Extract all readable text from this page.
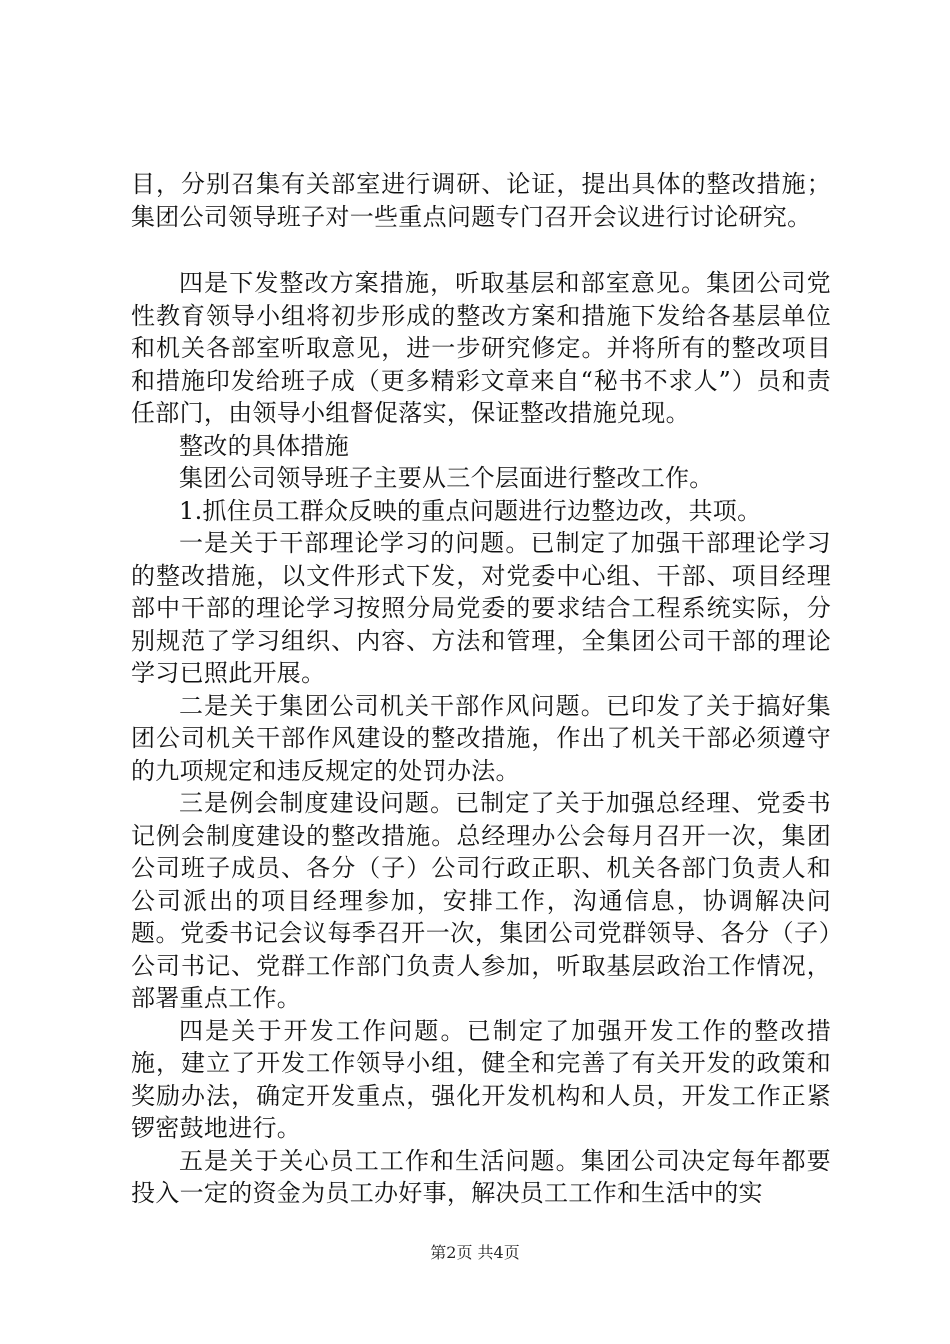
目，分别召集有关部室进行调研、论证，提出具体的整改措施；集团公司领导班子对一些重点问题专门召开会议进行讨论研究。

四是下发整改方案措施，听取基层和部室意见。集团公司党性教育领导小组将初步形成的整改方案和措施下发给各基层单位和机关各部室听取意见，进一步研究修定。并将所有的整改项目和措施印发给班子成（更多精彩文章来自“秘书不求人”）员和责任部门，由领导小组督促落实，保证整改措施兑现。

整改的具体措施

集团公司领导班子主要从三个层面进行整改工作。

1.抓住员工群众反映的重点问题进行边整边改，共项。

一是关于干部理论学习的问题。已制定了加强干部理论学习的整改措施，以文件形式下发，对党委中心组、干部、项目经理部中干部的理论学习按照分局党委的要求结合工程系统实际，分别规范了学习组织、内容、方法和管理，全集团公司干部的理论学习已照此开展。

二是关于集团公司机关干部作风问题。已印发了关于搞好集团公司机关干部作风建设的整改措施，作出了机关干部必须遵守的九项规定和违反规定的处罚办法。

三是例会制度建设问题。已制定了关于加强总经理、党委书记例会制度建设的整改措施。总经理办公会每月召开一次，集团公司班子成员、各分（子）公司行政正职、机关各部门负责人和公司派出的项目经理参加，安排工作，沟通信息，协调解决问题。党委书记会议每季召开一次，集团公司党群领导、各分（子）公司书记、党群工作部门负责人参加，听取基层政治工作情况，部署重点工作。

四是关于开发工作问题。已制定了加强开发工作的整改措施，建立了开发工作领导小组，健全和完善了有关开发的政策和奖励办法，确定开发重点，强化开发机构和人员，开发工作正紧锣密鼓地进行。

五是关于关心员工工作和生活问题。集团公司决定每年都要投入一定的资金为员工办好事，解决员工工作和生活中的实

第2页 共4页
